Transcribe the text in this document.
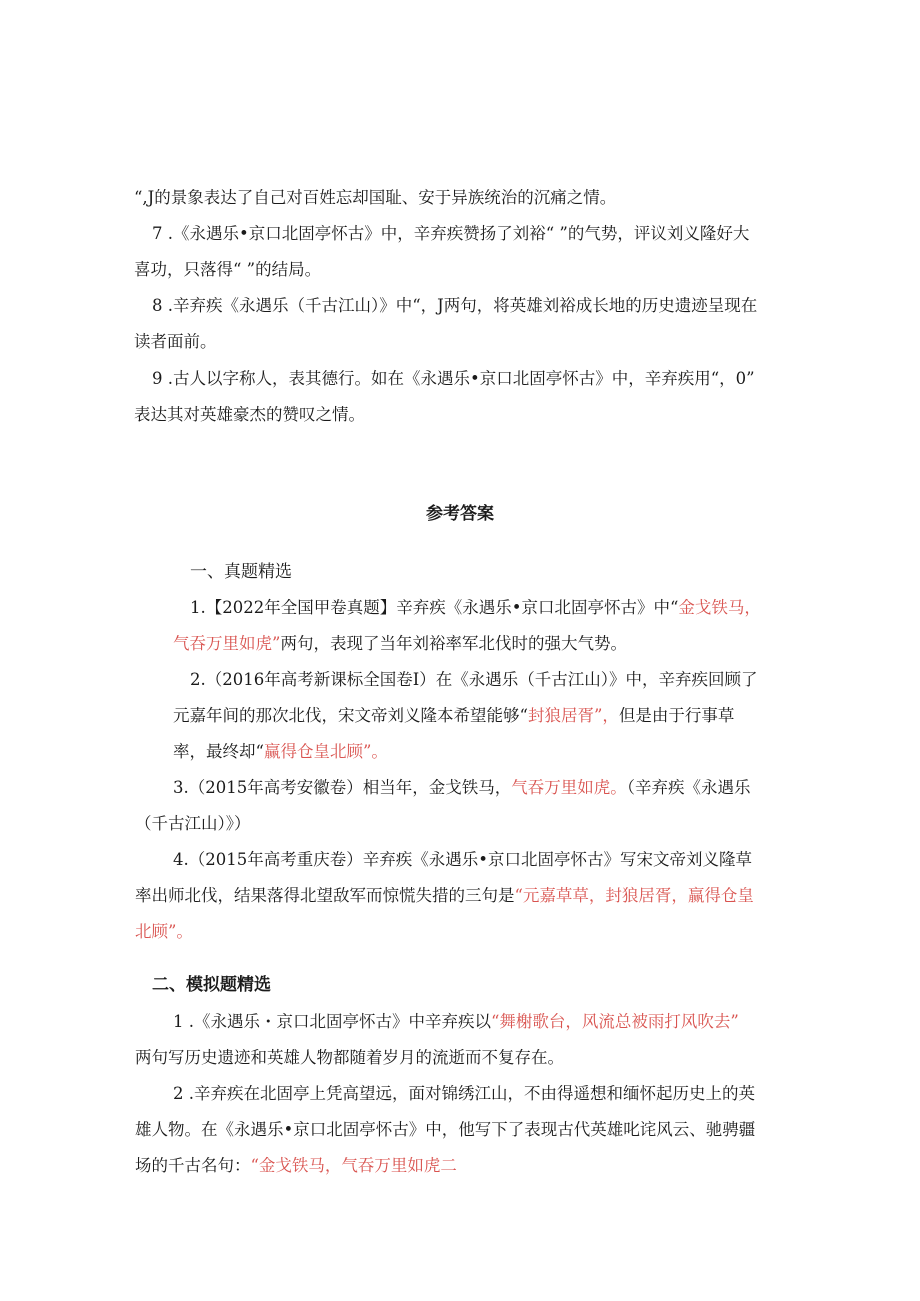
“,J的景象表达了自己对百姓忘却国耻、安于异族统治的沉痛之情。
7 .《永遇乐•京口北固亭怀古》中，辛弃疾赞扬了刘裕“ ”的气势，评议刘义隆好大
喜功，只落得“ ”的结局。
8 .辛弃疾《永遇乐（千古江山）》中“，J两句，将英雄刘裕成长地的历史遗迹呈现在
读者面前。
9 .古人以字称人，表其德行。如在《永遇乐•京口北固亭怀古》中，辛弃疾用“，0”
表达其对英雄豪杰的赞叹之情。
参考答案
一、真题精选
1.【2022年全国甲卷真题】辛弃疾《永遇乐•京口北固亭怀古》中“金戈铁马，
气吞万里如虎”两句，表现了当年刘裕率军北伐时的强大气势。
2.（2016年高考新课标全国卷I）在《永遇乐（千古江山）》中，辛弃疾回顾了
元嘉年间的那次北伐，宋文帝刘义隆本希望能够“封狼居胥”，但是由于行事草
率，最终却“赢得仓皇北顾”。
3.（2015年高考安徽卷）相当年，金戈铁马，气吞万里如虎。（辛弃疾《永遇乐
（千古江山）》）
4.（2015年高考重庆卷）辛弃疾《永遇乐•京口北固亭怀古》写宋文帝刘义隆草
率出师北伐，结果落得北望敌军而惊慌失措的三句是“元嘉草草，封狼居胥，赢得仓皇
北顾”。
二、模拟题精选
1 .《永遇乐・京口北固亭怀古》中辛弃疾以“舞榭歌台，风流总被雨打风吹去”
两句写历史遗迹和英雄人物都随着岁月的流逝而不复存在。
2 .辛弃疾在北固亭上凭高望远，面对锦绣江山，不由得遥想和缅怀起历史上的英
雄人物。在《永遇乐•京口北固亭怀古》中，他写下了表现古代英雄叱诧风云、驰骋疆
场的千古名句：“金戈铁马，气吞万里如虎二
